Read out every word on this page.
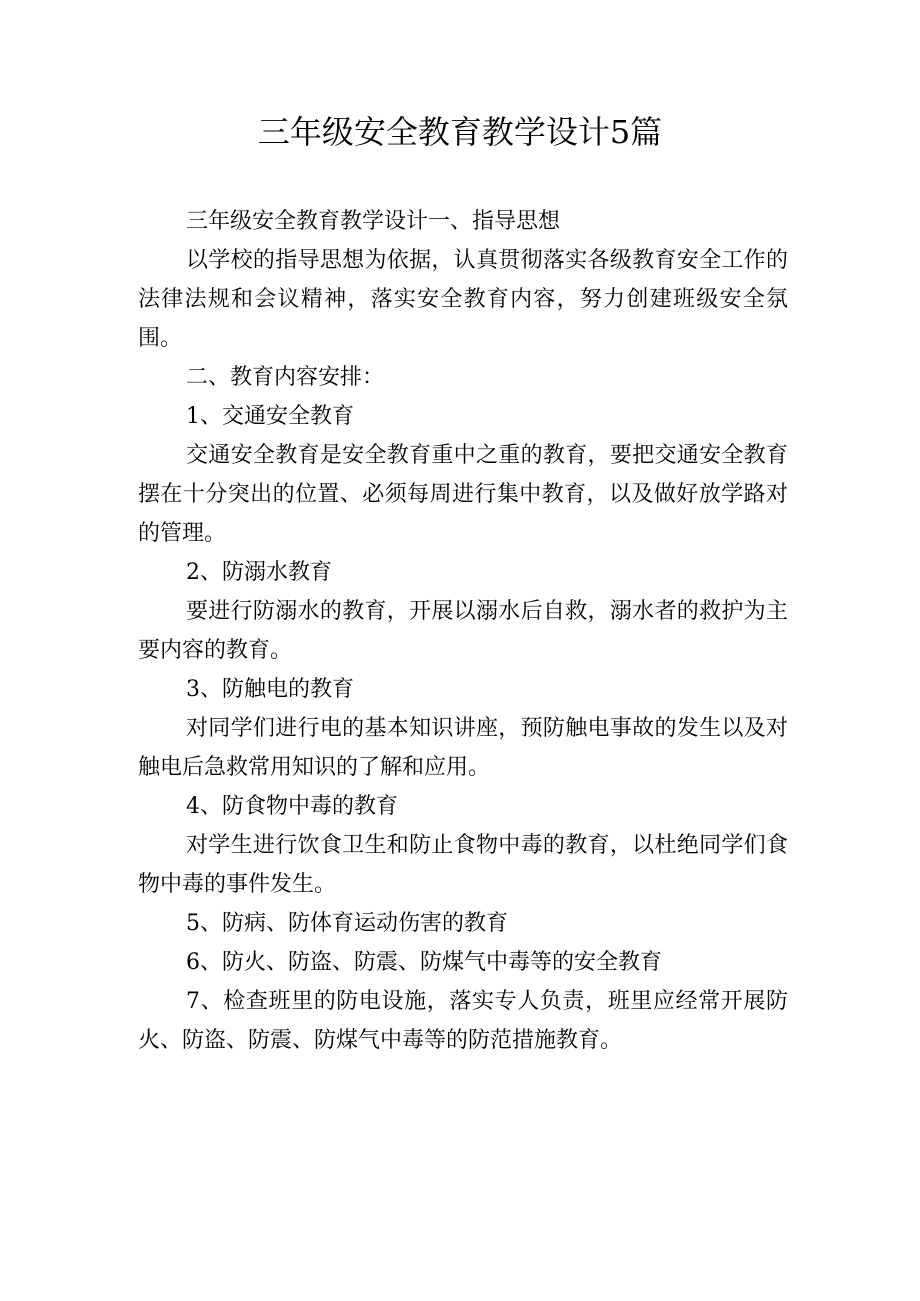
三年级安全教育教学设计5篇

三年级安全教育教学设计一、指导思想

以学校的指导思想为依据，认真贯彻落实各级教育安全工作的法律法规和会议精神，落实安全教育内容，努力创建班级安全氛围。

二、教育内容安排：

1、交通安全教育

交通安全教育是安全教育重中之重的教育，要把交通安全教育摆在十分突出的位置、必须每周进行集中教育，以及做好放学路对的管理。

2、防溺水教育

要进行防溺水的教育，开展以溺水后自救，溺水者的救护为主要内容的教育。

3、防触电的教育

对同学们进行电的基本知识讲座，预防触电事故的发生以及对触电后急救常用知识的了解和应用。

4、防食物中毒的教育

对学生进行饮食卫生和防止食物中毒的教育，以杜绝同学们食物中毒的事件发生。

5、防病、防体育运动伤害的教育

6、防火、防盗、防震、防煤气中毒等的安全教育

7、检查班里的防电设施，落实专人负责，班里应经常开展防火、防盗、防震、防煤气中毒等的防范措施教育。
